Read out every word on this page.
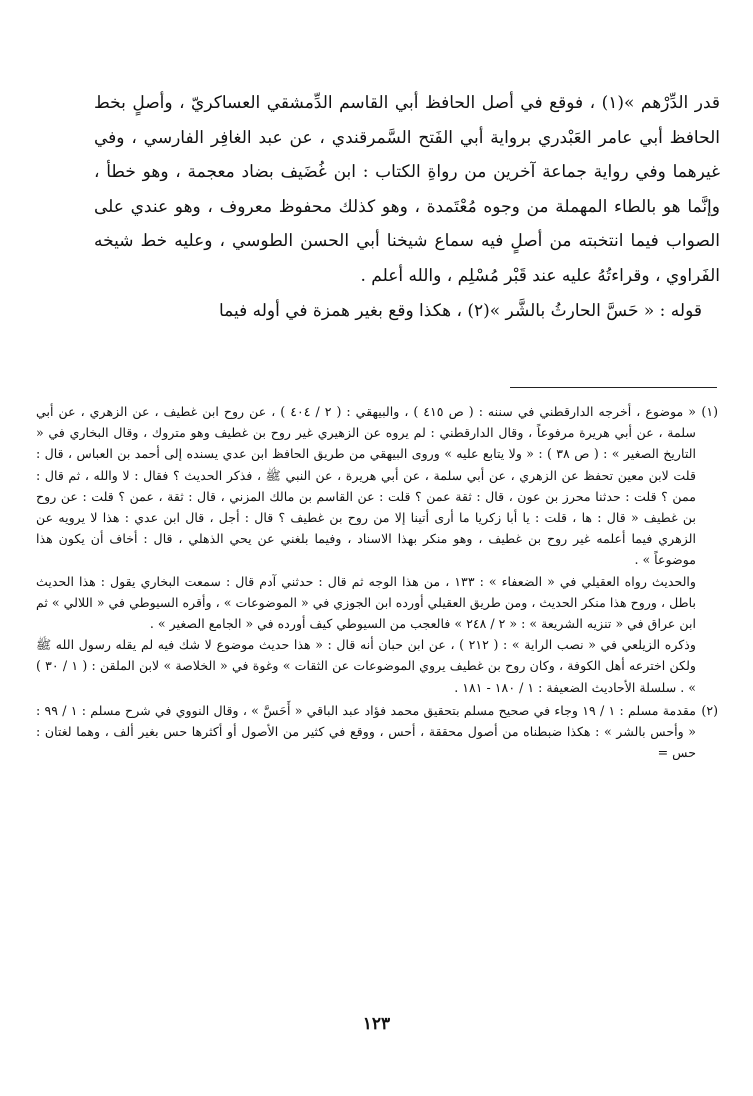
قدر الدِّرْهم »(١) ، فوقع في أصل الحافظ أبي القاسم الدِّمشقي العساكريّ ، وأصلٍ بخط الحافظ أبي عامر العَبْدري برواية أبي الفَتح السَّمرقندي ، عن عبد الغافِر الفارسي ، وفي غيرهما وفي رواية جماعة آخرين من رواةِ الكتاب : ابن غُضَيف بضاد معجمة ، وهو خطأ ، وإنَّما هو بالطاء المهملة من وجوه مُعْتَمدة ، وهو كذلك محفوظ معروف ، وهو عندي على الصواب فيما انتخبته من أصلٍ فيه سماع شيخنا أبي الحسن الطوسي ، وعليه خط شيخه الفَراوي ، وقراءتُهُ عليه عند قَبْر مُسْلِم ، والله أعلم .

قوله : « حَسَّ الحارثُ بالشَّر »(٢) ، هكذا وقع بغير همزة في أوله فيما

(١)

« موضوع ، أخرجه الدارقطني في سننه : ( ص ٤١٥ ) ، والبيهقي : ( ٢ / ٤٠٤ ) ، عن روح ابن غطيف ، عن الزهري ، عن أبي سلمة ، عن أبي هريرة مرفوعاً ، وقال الدارقطني : لم يروه عن الزهيري غير روح بن غطيف وهو متروك ، وقال البخاري في « التاريخ الصغير » : ( ص ٣٨ ) : « ولا يتابع عليه » وروى البيهقي من طريق الحافظ ابن عدي يسنده إلى أحمد بن العباس ، قال : قلت لابن معين تحفظ عن الزهري ، عن أبي سلمة ، عن أبي هريرة ، عن النبي ﷺ ، فذكر الحديث ؟ فقال : لا والله ، ثم قال : ممن ؟ قلت : حدثنا محرز بن عون ، قال : ثقة عمن ؟ قلت : عن القاسم بن مالك المزني ، قال : ثقة ، عمن ؟ قلت : عن روح بن غطيف « قال : ها ، قلت : يا أبا زكريا ما أرى أتينا إلا من روح بن غطيف ؟ قال : أجل ، قال ابن عدي : هذا لا يرويه عن الزهري فيما أعلمه غير روح بن غطيف ، وهو منكر بهذا الاسناد ، وفيما بلغني عن يحي الذهلي ، قال : أخاف أن يكون هذا موضوعاً » .

والحديث رواه العقيلي في « الضعفاء » : ١٣٣ ، من هذا الوجه ثم قال : حدثني آدم قال : سمعت البخاري يقول : هذا الحديث باطل ، وروح هذا منكر الحديث ، ومن طريق العقيلي أورده ابن الجوزي في « الموضوعات » ، وأقره السيوطي في « اللالي » ثم ابن عراق في « تنزيه الشريعة » : « ٢ / ٢٤٨ » فالعجب من السيوطي كيف أورده في « الجامع الصغير » .

وذكره الزيلعي في « نصب الراية » : ( ٢١٢ ) ، عن ابن حبان أنه قال : « هذا حديث موضوع لا شك فيه لم يقله رسول الله ﷺ ولكن اخترعه أهل الكوفة ، وكان روح بن غطيف يروي الموضوعات عن الثقات » وغوة في « الخلاصة » لابن الملقن : ( ١ / ٣٠ ) » . سلسلة الأحاديث الضعيفة : ١ / ١٨٠ - ١٨١ .

(٢)

مقدمة مسلم : ١ / ١٩ وجاء في صحيح مسلم بتحقيق محمد فؤاد عبد الباقي « أَحَسَّ » ، وقال النووي في شرح مسلم : ١ / ٩٩ : « وأحس بالشر » : هكذا ضبطناه من أصول محققة ، أحس ، ووقع في كثير من الأصول أو أكثرها حس بغير ألف ، وهما لغتان : حس =

١٢٣
